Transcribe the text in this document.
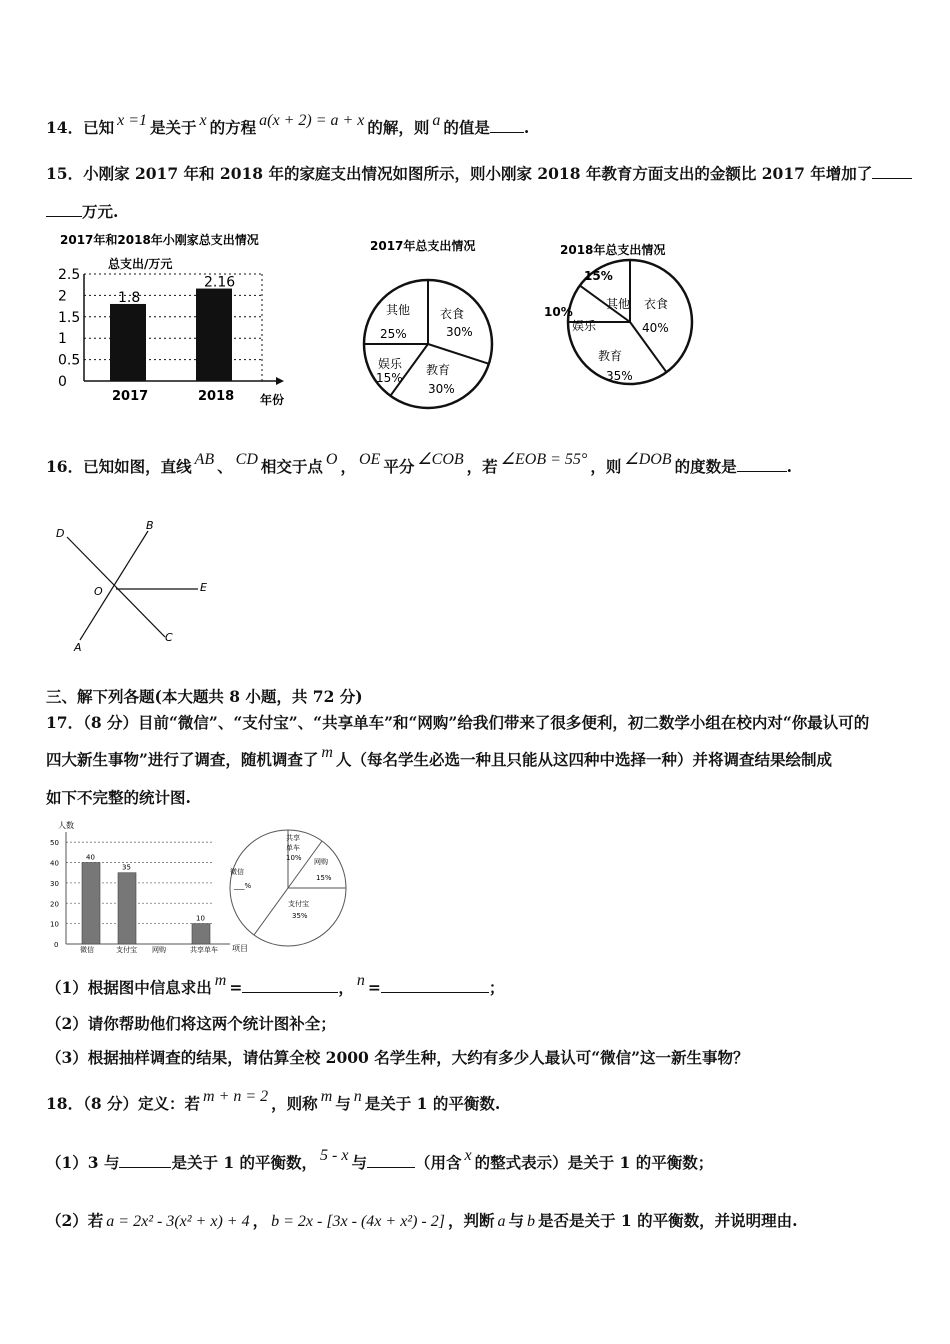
14．已知 x =1 是关于 x 的方程 a(x + 2) = a + x 的解，则 a 的值是 .
15．小刚家 2017 年和 2018 年的家庭支出情况如图所示，则小刚家 2018 年教育方面支出的金额比 2017 年增加了
万元.
2017年和2018年小刚家总支出情况
总支出/万元
0
0.5
1
1.5
2
2.5
1.8
2017
2.16
2018 年份
2017年总支出情况
其他
25%
衣食
30%
娱乐
15%
教育
30%
2018年总支出情况
15%
其他
10%
娱乐
衣食
40%
教育
35%
16．已知如图，直线 AB 、 CD 相交于点 O ， OE 平分 ∠COB ，若 ∠EOB = 55° ，则 ∠DOB 的度数是	.
D
B
O	E
A
C
三、解下列各题(本大题共 8 小题，共 72 分)
17．（8 分）目前“微信”、“支付宝”、“共享单车”和“网购”给我们带来了很多便利，初二数学小组在校内对“你最认可的
四大新生事物”进行了调查，随机调查了 m 人（每名学生必选一种且只能从这四种中选择一种）并将调查结果绘制成
如下不完整的统计图.
人数
10
20
30
40
50
0
40
微信
35
支付宝 网购
10
共享单车 项目
共享
单车
10% 网购
15%
微信
___%
支付宝
35%
（1）根据图中信息求出 m =	， n =	；
（2）请你帮助他们将这两个统计图补全；
（3）根据抽样调查的结果，请估算全校 2000 名学生种，大约有多少人最认可“微信”这一新生事物？
18．（8 分）定义：若 m + n = 2 ，则称 m 与 n 是关于 1 的平衡数.
（1）3 与	是关于 1 的平衡数， 5 - x 与	（用含 x 的整式表示）是关于 1 的平衡数；
（2）若 a = 2x² - 3(x² + x) + 4 ， b = 2x - [3x - (4x + x²) - 2] ，判断 a 与 b 是否是关于 1 的平衡数，并说明理由.
